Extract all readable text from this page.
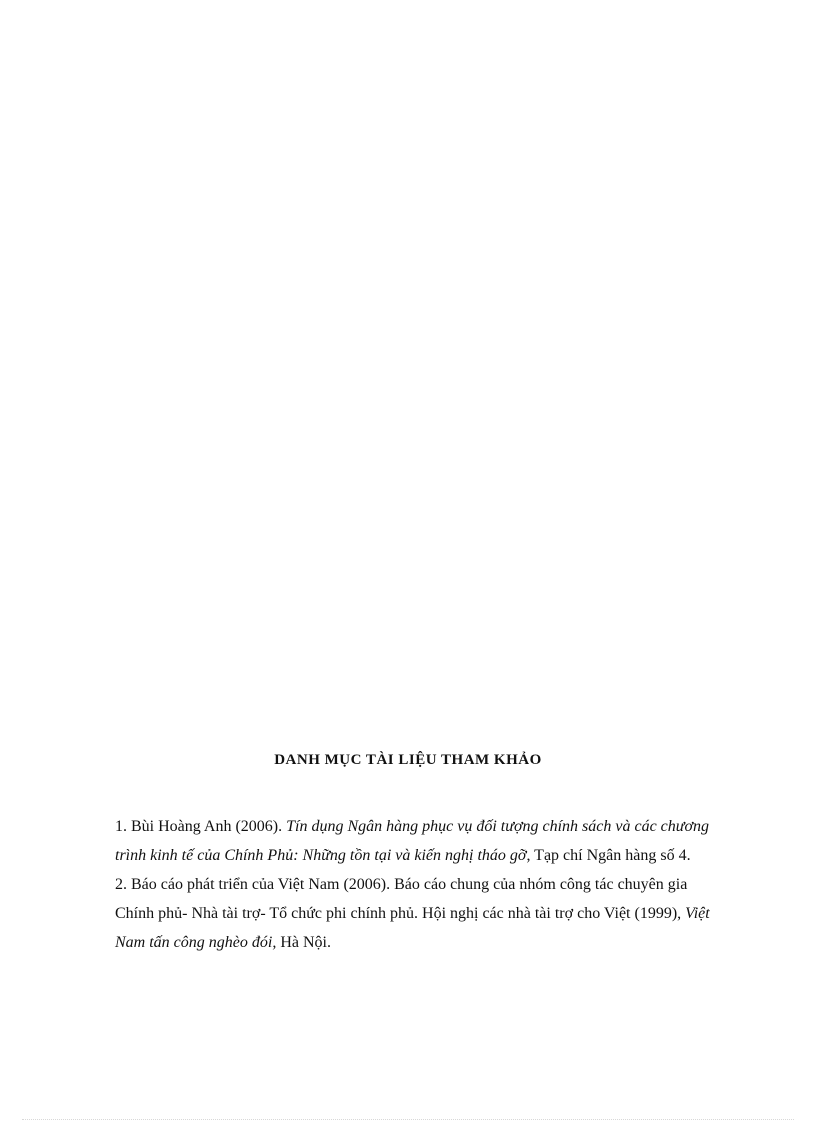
DANH MỤC TÀI LIỆU THAM KHẢO

1. Bùi Hoàng Anh (2006). Tín dụng Ngân hàng phục vụ đối tượng chính sách và các chương trình kinh tế của Chính Phủ: Những tồn tại và kiến nghị tháo gỡ, Tạp chí Ngân hàng số 4.

2. Báo cáo phát triển của Việt Nam (2006). Báo cáo chung của nhóm công tác chuyên gia Chính phủ- Nhà tài trợ- Tổ chức phi chính phủ. Hội nghị các nhà tài trợ cho Việt (1999), Việt Nam tấn công nghèo đói, Hà Nội.
